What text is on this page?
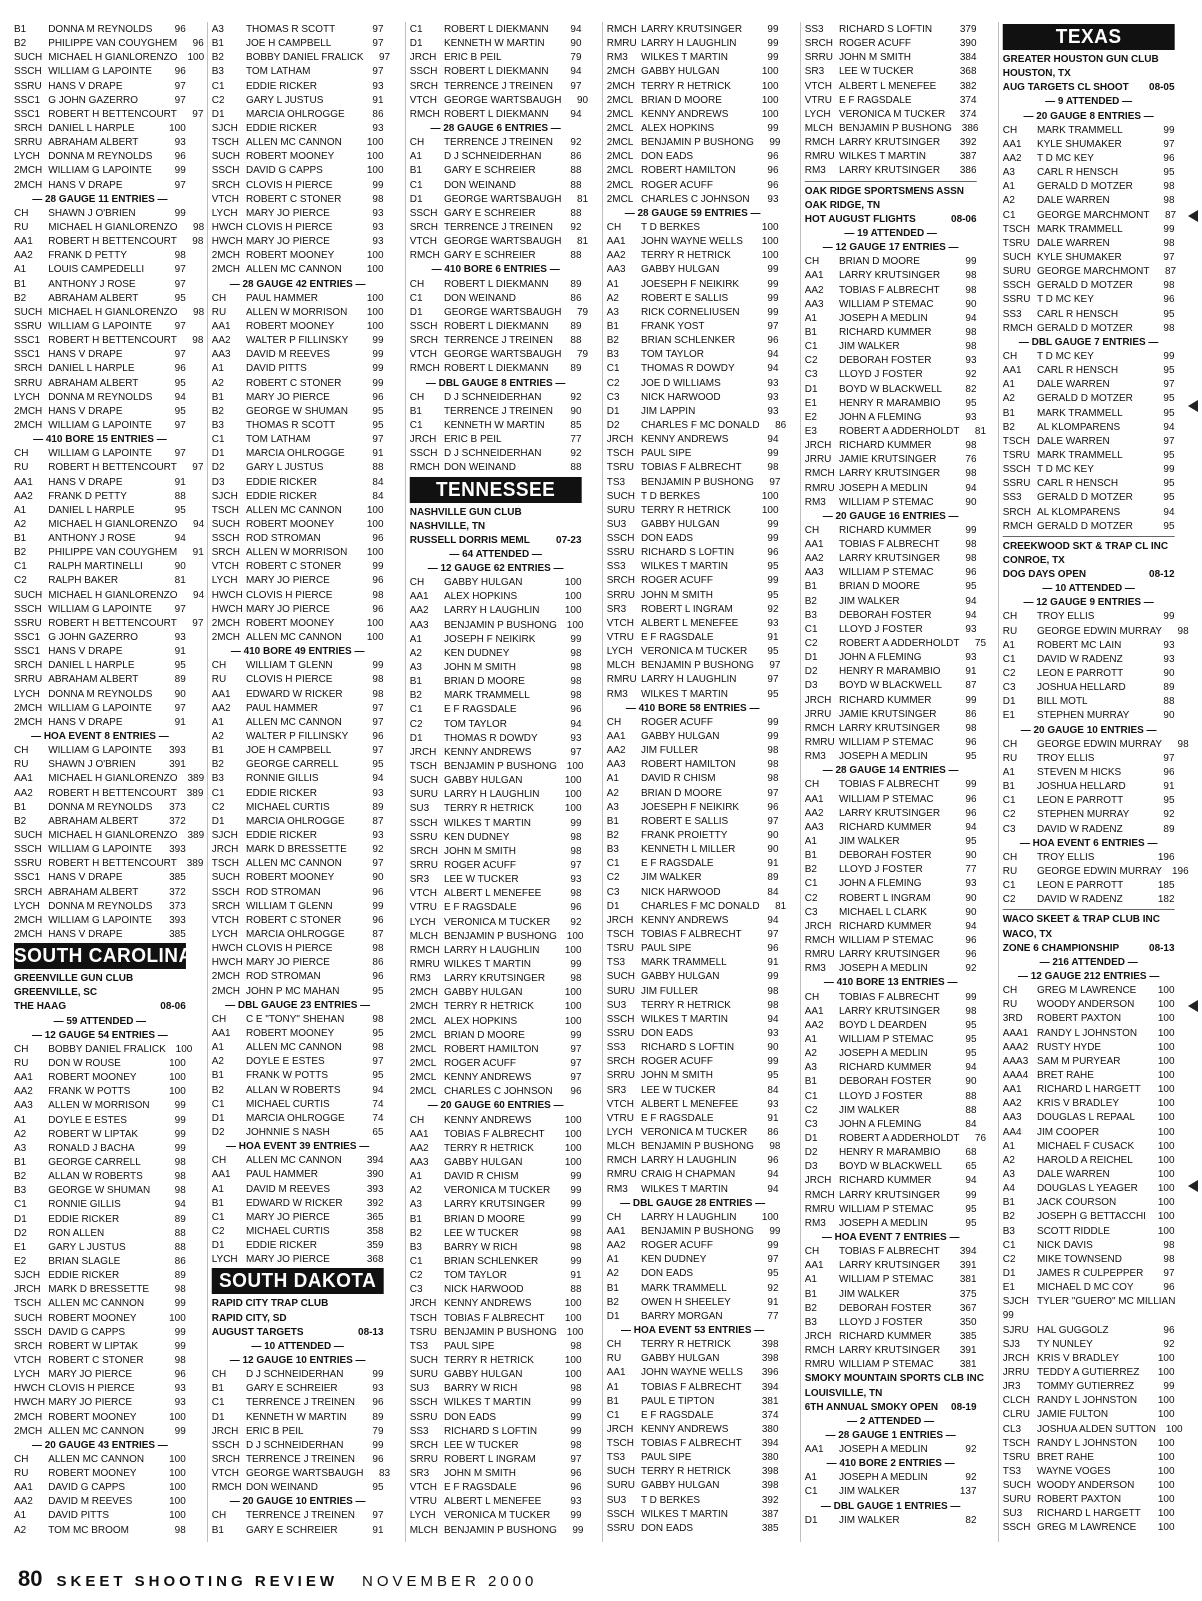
B1	DONNA M REYNOLDS	96
B2	PHILIPPE VAN COUYGHEM	96
SUCH MICHAEL H GIANLORENZO 100
SSCH WILLIAM G LAPOINTE	96
SSRU HANS V DRAPE	97
SSC1 G JOHN GAZERRO	97
SSC1 ROBERT H BETTENCOURT	97
SRCH DANIEL L HARPLE	100
SRRU ABRAHAM ALBERT	93
LYCH DONNA M REYNOLDS	96
2MCH WILLIAM G LAPOINTE	99
2MCH HANS V DRAPE	97
— 28 GAUGE 11 ENTRIES —
CH	SHAWN J O'BRIEN	99
RU	MICHAEL H GIANLORENZO	98
AA1	ROBERT H BETTENCOURT	98
AA2	FRANK D PETTY	98
A1	LOUIS CAMPEDELLI	97
B1	ANTHONY J ROSE	97
B2	ABRAHAM ALBERT	95
SUCH MICHAEL H GIANLORENZO	98
SSRU WILLIAM G LAPOINTE	97
SSC1 ROBERT H BETTENCOURT	98
SSC1 HANS V DRAPE	97
SRCH DANIEL L HARPLE	96
SRRU ABRAHAM ALBERT	95
LYCH DONNA M REYNOLDS	94
2MCH HANS V DRAPE	95
2MCH WILLIAM G LAPOINTE	97
— 410 BORE 15 ENTRIES —
CH	WILLIAM G LAPOINTE	97
RU	ROBERT H BETTENCOURT	97
AA1	HANS V DRAPE	91
AA2	FRANK D PETTY	88
A1	DANIEL L HARPLE	95
A2	MICHAEL H GIANLORENZO	94
B1	ANTHONY J ROSE	94
B2	PHILIPPE VAN COUYGHEM	91
C1	RALPH MARTINELLI	90
C2	RALPH BAKER	81
SUCH MICHAEL H GIANLORENZO	94
SSCH WILLIAM G LAPOINTE	97
SSRU ROBERT H BETTENCOURT	97
SSC1 G JOHN GAZERRO	93
SSC1 HANS V DRAPE	91
SRCH DANIEL L HARPLE	95
SRRU ABRAHAM ALBERT	89
LYCH DONNA M REYNOLDS	90
2MCH WILLIAM G LAPOINTE	97
2MCH HANS V DRAPE	91
— HOA EVENT 8 ENTRIES —
CH	WILLIAM G LAPOINTE	393
RU	SHAWN J O'BRIEN	391
AA1	MICHAEL H GIANLORENZO 389
AA2	ROBERT H BETTENCOURT 389
B1	DONNA M REYNOLDS	373
B2	ABRAHAM ALBERT	372
SUCH MICHAEL H GIANLORENZO 389
SSCH WILLIAM G LAPOINTE	393
SSRU ROBERT H BETTENCOURT 389
SSC1 HANS V DRAPE	385
SRCH ABRAHAM ALBERT	372
LYCH DONNA M REYNOLDS	373
2MCH WILLIAM G LAPOINTE	393
2MCH HANS V DRAPE	385
SOUTH CAROLINA
GREENVILLE GUN CLUB
GREENVILLE, SC
THE HAAG	08-06
— 59 ATTENDED —
— 12 GAUGE 54 ENTRIES —
CH	BOBBY DANIEL FRALICK 100
RU	DON W ROUSE	100
AA1	ROBERT MOONEY	100
AA2	FRANK W POTTS	100
AA3	ALLEN W MORRISON	99
A1	DOYLE E ESTES	99
A2	ROBERT W LIPTAK	99
A3	RONALD J BACHA	99
B1	GEORGE CARRELL	98
B2	ALLAN W ROBERTS	98
B3	GEORGE W SHUMAN	98
C1	RONNIE GILLIS	94
D1	EDDIE RICKER	89
D2	RON ALLEN	88
E1	GARY L JUSTUS	88
E2	BRIAN SLAGLE	86
SJCH EDDIE RICKER	89
JRCH MARK D BRESSETTE	98
TSCH ALLEN MC CANNON	99
SUCH ROBERT MOONEY	100
SSCH DAVID G CAPPS	99
SRCH ROBERT W LIPTAK	99
VTCH ROBERT C STONER	98
LYCH MARY JO PIERCE	96
HWCH CLOVIS H PIERCE	93
HWCH MARY JO PIERCE	93
2MCH ROBERT MOONEY	100
2MCH ALLEN MC CANNON	99
— 20 GAUGE 43 ENTRIES —
CH	ALLEN MC CANNON	100
RU	ROBERT MOONEY	100
AA1	DAVID G CAPPS	100
AA2	DAVID M REEVES	100
A1	DAVID PITTS	100
A2	TOM MC BROOM	98
A3	THOMAS R SCOTT	97
B1	JOE H CAMPBELL	97
B2	BOBBY DANIEL FRALICK	97
B3	TOM LATHAM	97
C1	EDDIE RICKER	93
C2	GARY L JUSTUS	91
D1	MARCIA OHLROGGE	86
SJCH EDDIE RICKER	93
TSCH ALLEN MC CANNON	100
SUCH ROBERT MOONEY	100
SSCH DAVID G CAPPS	100
SRCH CLOVIS H PIERCE	99
VTCH ROBERT C STONER	98
LYCH MARY JO PIERCE	93
HWCH CLOVIS H PIERCE	93
HWCH MARY JO PIERCE	93
2MCH ROBERT MOONEY	100
2MCH ALLEN MC CANNON	100
— 28 GAUGE 42 ENTRIES —
CH	PAUL HAMMER	100
RU	ALLEN W MORRISON	100
AA1	ROBERT MOONEY	100
AA2	WALTER P FILLINSKY	99
AA3	DAVID M REEVES	99
A1	DAVID PITTS	99
A2	ROBERT C STONER	99
B1	MARY JO PIERCE	96
B2	GEORGE W SHUMAN	95
B3	THOMAS R SCOTT	95
C1	TOM LATHAM	97
D1	MARCIA OHLROGGE	91
D2	GARY L JUSTUS	88
D3	EDDIE RICKER	84
SJCH EDDIE RICKER	84
TSCH ALLEN MC CANNON	100
SUCH ROBERT MOONEY	100
SSCH ROD STROMAN	96
SRCH ALLEN W MORRISON	100
VTCH ROBERT C STONER	99
LYCH MARY JO PIERCE	96
HWCH CLOVIS H PIERCE	98
HWCH MARY JO PIERCE	96
2MCH ROBERT MOONEY	100
2MCH ALLEN MC CANNON	100
— 410 BORE 49 ENTRIES —
CH	WILLIAM T GLENN	99
RU	CLOVIS H PIERCE	98
AA1	EDWARD W RICKER	98
AA2	PAUL HAMMER	97
A1	ALLEN MC CANNON	97
A2	WALTER P FILLINSKY	96
B1	JOE H CAMPBELL	97
B2	GEORGE CARRELL	95
B3	RONNIE GILLIS	94
C1	EDDIE RICKER	93
C2	MICHAEL CURTIS	89
D1	MARCIA OHLROGGE	87
SJCH EDDIE RICKER	93
JRCH MARK D BRESSETTE	92
TSCH ALLEN MC CANNON	97
SUCH ROBERT MOONEY	90
SSCH ROD STROMAN	96
SRCH WILLIAM T GLENN	99
VTCH ROBERT C STONER	96
LYCH MARCIA OHLROGGE	87
HWCH CLOVIS H PIERCE	98
HWCH MARY JO PIERCE	86
2MCH ROD STROMAN	96
2MCH JOHN P MC MAHAN	95
— DBL GAUGE 23 ENTRIES —
CH	C E "TONY" SHEHAN	98
AA1	ROBERT MOONEY	95
A1	ALLEN MC CANNON	98
A2	DOYLE E ESTES	97
B1	FRANK W POTTS	95
B2	ALLAN W ROBERTS	94
C1	MICHAEL CURTIS	74
D1	MARCIA OHLROGGE	74
D2	JOHNNIE S NASH	65
— HOA EVENT 39 ENTRIES —
CH	ALLEN MC CANNON	394
AA1	PAUL HAMMER	390
A1	DAVID M REEVES	393
B1	EDWARD W RICKER	392
C1	MARY JO PIERCE	365
C2	MICHAEL CURTIS	358
D1	EDDIE RICKER	359
LYCH MARY JO PIERCE	368
SOUTH DAKOTA
RAPID CITY TRAP CLUB
RAPID CITY, SD
AUGUST TARGETS	08-13
— 10 ATTENDED —
— 12 GAUGE 10 ENTRIES —
CH	D J SCHNEIDERHAN	99
B1	GARY E SCHREIER	93
C1	TERRENCE J TREINEN	96
D1	KENNETH W MARTIN	89
JRCH ERIC B PEIL	79
SSCH D J SCHNEIDERHAN	99
SRCH TERRENCE J TREINEN	96
VTCH GEORGE WARTSBAUGH	83
RMCH DON WEINAND	95
— 20 GAUGE 10 ENTRIES —
CH	TERRENCE J TREINEN	97
B1	GARY E SCHREIER	91
C1	ROBERT L DIEKMANN	94
D1	KENNETH W MARTIN	90
JRCH ERIC B PEIL	79
SSCH ROBERT L DIEKMANN	94
SRCH TERRENCE J TREINEN	97
VTCH GEORGE WARTSBAUGH	90
RMCH ROBERT L DIEKMANN	94
— 28 GAUGE 6 ENTRIES —
CH	TERRENCE J TREINEN	92
A1	D J SCHNEIDERHAN	86
B1	GARY E SCHREIER	88
C1	DON WEINAND	88
D1	GEORGE WARTSBAUGH	81
SSCH GARY E SCHREIER	88
SRCH TERRENCE J TREINEN	92
VTCH GEORGE WARTSBAUGH	81
RMCH GARY E SCHREIER	88
— 410 BORE 6 ENTRIES —
CH	ROBERT L DIEKMANN	89
C1	DON WEINAND	86
D1	GEORGE WARTSBAUGH	79
SSCH ROBERT L DIEKMANN	89
SRCH TERRENCE J TREINEN	88
VTCH GEORGE WARTSBAUGH	79
RMCH ROBERT L DIEKMANN	89
— DBL GAUGE 8 ENTRIES —
CH	D J SCHNEIDERHAN	92
B1	TERRENCE J TREINEN	90
C1	KENNETH W MARTIN	85
JRCH ERIC B PEIL	77
SSCH D J SCHNEIDERHAN	92
RMCH DON WEINAND	88
TENNESSEE
NASHVILLE GUN CLUB
NASHVILLE, TN
RUSSELL DORRIS MEML 07-23
— 64 ATTENDED —
— 12 GAUGE 62 ENTRIES —
CH	GABBY HULGAN	100
AA1	ALEX HOPKINS	100
AA2	LARRY H LAUGHLIN	100
AA3	BENJAMIN P BUSHONG 100
A1	JOSEPH F NEIKIRK	99
A2	KEN DUDNEY	98
A3	JOHN M SMITH	98
B1	BRIAN D MOORE	98
B2	MARK TRAMMELL	98
C1	E F RAGSDALE	96
C2	TOM TAYLOR	94
D1	THOMAS R DOWDY	93
JRCH KENNY ANDREWS	97
TSCH BENJAMIN P BUSHONG 100
SUCH GABBY HULGAN	100
SURU LARRY H LAUGHLIN	100
SU3	TERRY R HETRICK	100
SSCH WILKES T MARTIN	99
SSRU KEN DUDNEY	98
SRCH JOHN M SMITH	98
SRRU ROGER ACUFF	97
SR3	LEE W TUCKER	93
VTCH ALBERT L MENEFEE	98
VTRU E F RAGSDALE	96
LYCH VERONICA M TUCKER	92
MLCH BENJAMIN P BUSHONG 100
RMCH LARRY H LAUGHLIN	100
RMRU WILKES T MARTIN	99
RM3	LARRY KRUTSINGER	98
2MCH GABBY HULGAN	100
2MCH TERRY R HETRICK	100
2MCL ALEX HOPKINS	100
2MCL BRIAN D MOORE	99
2MCL ROBERT HAMILTON	97
2MCL ROGER ACUFF	97
2MCL KENNY ANDREWS	97
2MCL CHARLES C JOHNSON	96
— 20 GAUGE 60 ENTRIES —
CH	KENNY ANDREWS	100
AA1	TOBIAS F ALBRECHT	100
AA2	TERRY R HETRICK	100
AA3	GABBY HULGAN	100
A1	DAVID R CHISM	99
A2	VERONICA M TUCKER	99
A3	LARRY KRUTSINGER	99
B1	BRIAN D MOORE	99
B2	LEE W TUCKER	98
B3	BARRY W RICH	98
C1	BRIAN SCHLENKER	99
C2	TOM TAYLOR	91
C3	NICK HARWOOD	88
JRCH KENNY ANDREWS	100
TSCH TOBIAS F ALBRECHT	100
TSRU BENJAMIN P BUSHONG 100
TS3	PAUL SIPE	98
SUCH TERRY R HETRICK	100
SURU GABBY HULGAN	100
SU3	BARRY W RICH	98
SSCH WILKES T MARTIN	99
SSRU DON EADS	99
SS3	RICHARD S LOFTIN	99
SRCH LEE W TUCKER	98
SRRU ROBERT L INGRAM	97
SR3	JOHN M SMITH	96
VTCH E F RAGSDALE	96
VTRU ALBERT L MENEFEE	93
LYCH VERONICA M TUCKER	99
MLCH BENJAMIN P BUSHONG	99
RMCH LARRY KRUTSINGER	99
RMRU LARRY H LAUGHLIN	99
RM3	WILKES T MARTIN	99
2MCH GABBY HULGAN	100
2MCH TERRY R HETRICK	100
2MCL BRIAN D MOORE	100
2MCL KENNY ANDREWS	100
2MCL ALEX HOPKINS	99
2MCL BENJAMIN P BUSHONG	99
2MCL DON EADS	96
2MCL ROBERT HAMILTON	96
2MCL ROGER ACUFF	96
2MCL CHARLES C JOHNSON	93
— 28 GAUGE 59 ENTRIES —
CH	T D BERKES	100
AA1	JOHN WAYNE WELLS	100
AA2	TERRY R HETRICK	100
AA3	GABBY HULGAN	99
A1	JOESEPH F NEIKIRK	99
A2	ROBERT E SALLIS	99
A3	RICK CORNELIUSEN	99
B1	FRANK YOST	97
B2	BRIAN SCHLENKER	96
B3	TOM TAYLOR	94
C1	THOMAS R DOWDY	94
C2	JOE D WILLIAMS	93
C3	NICK HARWOOD	93
D1	JIM LAPPIN	93
D2	CHARLES F MC DONALD	86
JRCH KENNY ANDREWS	94
TSCH PAUL SIPE	99
TSRU TOBIAS F ALBRECHT	98
TS3	BENJAMIN P BUSHONG	97
SUCH T D BERKES	100
SURU TERRY R HETRICK	100
SU3	GABBY HULGAN	99
SSCH DON EADS	99
SSRU RICHARD S LOFTIN	96
SS3	WILKES T MARTIN	95
SRCH ROGER ACUFF	99
SRRU JOHN M SMITH	95
SR3	ROBERT L INGRAM	92
VTCH ALBERT L MENEFEE	93
VTRU E F RAGSDALE	91
LYCH VERONICA M TUCKER	95
MLCH BENJAMIN P BUSHONG	97
RMRU LARRY H LAUGHLIN	97
RM3	WILKES T MARTIN	95
— 410 BORE 58 ENTRIES —
CH	ROGER ACUFF	99
AA1	GABBY HULGAN	99
AA2	JIM FULLER	98
AA3	ROBERT HAMILTON	98
A1	DAVID R CHISM	98
A2	BRIAN D MOORE	97
A3	JOESEPH F NEIKIRK	96
B1	ROBERT E SALLIS	97
B2	FRANK PROIETTY	90
B3	KENNETH L MILLER	90
C1	E F RAGSDALE	91
C2	JIM WALKER	89
C3	NICK HARWOOD	84
D1	CHARLES F MC DONALD	81
JRCH KENNY ANDREWS	94
TSCH TOBIAS F ALBRECHT	97
TSRU PAUL SIPE	96
TS3	MARK TRAMMELL	91
SUCH GABBY HULGAN	99
SURU JIM FULLER	98
SU3	TERRY R HETRICK	98
SSCH WILKES T MARTIN	94
SSRU DON EADS	93
SS3	RICHARD S LOFTIN	90
SRCH ROGER ACUFF	99
SRRU JOHN M SMITH	95
SR3	LEE W TUCKER	84
VTCH ALBERT L MENEFEE	93
VTRU E F RAGSDALE	91
LYCH VERONICA M TUCKER	86
MLCH BENJAMIN P BUSHONG	98
RMCH LARRY H LAUGHLIN	96
RMRU CRAIG H CHAPMAN	94
RM3	WILKES T MARTIN	94
— DBL GAUGE 28 ENTRIES —
CH	LARRY H LAUGHLIN	100
AA1	BENJAMIN P BUSHONG	99
AA2	ROGER ACUFF	99
A1	KEN DUDNEY	97
A2	DON EADS	95
B1	MARK TRAMMELL	92
B2	OWEN H SHEELEY	91
D1	BARRY MORGAN	77
— HOA EVENT 53 ENTRIES —
CH	TERRY R HETRICK	398
RU	GABBY HULGAN	398
AA1	JOHN WAYNE WELLS	396
A1	TOBIAS F ALBRECHT	394
B1	PAUL E TIPTON	381
C1	E F RAGSDALE	374
JRCH KENNY ANDREWS	380
TSCH TOBIAS F ALBRECHT	394
TS3	PAUL SIPE	380
SUCH TERRY R HETRICK	398
SURU GABBY HULGAN	398
SU3	T D BERKES	392
SSCH WILKES T MARTIN	387
SSRU DON EADS	385
SS3	RICHARD S LOFTIN	379
SRCH ROGER ACUFF	390
SRRU JOHN M SMITH	384
SR3	LEE W TUCKER	368
VTCH ALBERT L MENEFEE	382
VTRU E F RAGSDALE	374
LYCH VERONICA M TUCKER	374
MLCH BENJAMIN P BUSHONG 386
RMCH LARRY KRUTSINGER	392
RMRU WILKES T MARTIN	387
RM3	LARRY KRUTSINGER	386
OAK RIDGE SPORTSMENS ASSN
OAK RIDGE, TN
HOT AUGUST FLIGHTS	08-06
— 19 ATTENDED —
— 12 GAUGE 17 ENTRIES —
CH	BRIAN D MOORE	99
AA1	LARRY KRUTSINGER	98
AA2	TOBIAS F ALBRECHT	98
AA3	WILLIAM P STEMAC	90
A1	JOSEPH A MEDLIN	94
B1	RICHARD KUMMER	98
C1	JIM WALKER	98
C2	DEBORAH FOSTER	93
C3	LLOYD J FOSTER	92
D1	BOYD W BLACKWELL	82
E1	HENRY R MARAMBIO	95
E2	JOHN A FLEMING	93
E3	ROBERT A ADDERHOLDT	81
JRCH RICHARD KUMMER	98
JRRU JAMIE KRUTSINGER	76
RMCH LARRY KRUTSINGER	98
RMRU JOSEPH A MEDLIN	94
RM3	WILLIAM P STEMAC	90
— 20 GAUGE 16 ENTRIES —
CH	RICHARD KUMMER	99
AA1	TOBIAS F ALBRECHT	98
AA2	LARRY KRUTSINGER	98
AA3	WILLIAM P STEMAC	96
B1	BRIAN D MOORE	95
B2	JIM WALKER	94
B3	DEBORAH FOSTER	94
C1	LLOYD J FOSTER	93
C2	ROBERT A ADDERHOLDT	75
D1	JOHN A FLEMING	93
D2	HENRY R MARAMBIO	91
D3	BOYD W BLACKWELL	87
JRCH RICHARD KUMMER	99
JRRU JAMIE KRUTSINGER	86
RMCH LARRY KRUTSINGER	98
RMRU WILLIAM P STEMAC	96
RM3	JOSEPH A MEDLIN	95
— 28 GAUGE 14 ENTRIES —
CH	TOBIAS F ALBRECHT	99
AA1	WILLIAM P STEMAC	96
AA2	LARRY KRUTSINGER	96
AA3	RICHARD KUMMER	94
A1	JIM WALKER	95
B1	DEBORAH FOSTER	90
B2	LLOYD J FOSTER	77
C1	JOHN A FLEMING	93
C2	ROBERT L INGRAM	90
C3	MICHAEL L CLARK	90
JRCH RICHARD KUMMER	94
RMCH WILLIAM P STEMAC	96
RMRU LARRY KRUTSINGER	96
RM3	JOSEPH A MEDLIN	92
— 410 BORE 13 ENTRIES —
CH	TOBIAS F ALBRECHT	99
AA1	LARRY KRUTSINGER	98
AA2	BOYD L DEARDEN	95
A1	WILLIAM P STEMAC	95
A2	JOSEPH A MEDLIN	95
A3	RICHARD KUMMER	94
B1	DEBORAH FOSTER	90
C1	LLOYD J FOSTER	88
C2	JIM WALKER	88
C3	JOHN A FLEMING	84
D1	ROBERT A ADDERHOLDT	76
D2	HENRY R MARAMBIO	68
D3	BOYD W BLACKWELL	65
JRCH RICHARD KUMMER	94
RMCH LARRY KRUTSINGER	99
RMRU WILLIAM P STEMAC	95
RM3	JOSEPH A MEDLIN	95
— HOA EVENT 7 ENTRIES —
CH	TOBIAS F ALBRECHT	394
AA1	LARRY KRUTSINGER	391
A1	WILLIAM P STEMAC	381
B1	JIM WALKER	375
B2	DEBORAH FOSTER	367
B3	LLOYD J FOSTER	350
JRCH RICHARD KUMMER	385
RMCH LARRY KRUTSINGER	391
RMRU WILLIAM P STEMAC	381
SMOKY MOUNTAIN SPORTS CLB INC
LOUISVILLE, TN
6TH ANNUAL SMOKY OPEN 08-19
— 2 ATTENDED —
— 28 GAUGE 1 ENTRIES —
AA1	JOSEPH A MEDLIN	92
— 410 BORE 2 ENTRIES —
A1	JOSEPH A MEDLIN	92
C1	JIM WALKER	137
— DBL GAUGE 1 ENTRIES —
D1	JIM WALKER	82
TEXAS
GREATER HOUSTON GUN CLUB
HOUSTON, TX
AUG TARGETS CL SHOOT 08-05
— 9 ATTENDED —
— 20 GAUGE 8 ENTRIES —
CH	MARK TRAMMELL	99
AA1	KYLE SHUMAKER	97
AA2	T D MC KEY	96
A3	CARL R HENSCH	95
A1	GERALD D MOTZER	98
A2	DALE WARREN	98
C1	GEORGE MARCHMONT	87
TSCH MARK TRAMMELL	99
TSRU DALE WARREN	98
SUCH KYLE SHUMAKER	97
SURU GEORGE MARCHMONT	87
SSCH GERALD D MOTZER	98
SSRU T D MC KEY	96
SS3	CARL R HENSCH	95
RMCH GERALD D MOTZER	98
— DBL GAUGE 7 ENTRIES —
CH	T D MC KEY	99
AA1	CARL R HENSCH	95
A1	DALE WARREN	97
A2	GERALD D MOTZER	95
B1	MARK TRAMMELL	95
B2	AL KLOMPARENS	94
TSCH DALE WARREN	97
TSRU MARK TRAMMELL	95
SSCH T D MC KEY	99
SSRU CARL R HENSCH	95
SS3	GERALD D MOTZER	95
SRCH AL KLOMPARENS	94
RMCH GERALD D MOTZER	95
CREEKWOOD SKT & TRAP CL INC
CONROE, TX
DOG DAYS OPEN	08-12
— 10 ATTENDED —
— 12 GAUGE 9 ENTRIES —
CH	TROY ELLIS	99
RU	GEORGE EDWIN MURRAY	98
A1	ROBERT MC LAIN	93
C1	DAVID W RADENZ	93
C2	LEON E PARROTT	90
C3	JOSHUA HELLARD	89
D1	BILL MOTL	88
E1	STEPHEN MURRAY	90
— 20 GAUGE 10 ENTRIES —
CH	GEORGE EDWIN MURRAY	98
RU	TROY ELLIS	97
A1	STEVEN M HICKS	96
B1	JOSHUA HELLARD	91
C1	LEON E PARROTT	95
C2	STEPHEN MURRAY	92
C3	DAVID W RADENZ	89
— HOA EVENT 6 ENTRIES —
CH	TROY ELLIS	196
RU	GEORGE EDWIN MURRAY 196
C1	LEON E PARROTT	185
C2	DAVID W RADENZ	182
WACO SKEET & TRAP CLUB INC
WACO, TX
ZONE 6 CHAMPIONSHIP	08-13
— 216 ATTENDED —
— 12 GAUGE 212 ENTRIES —
CH	GREG M LAWRENCE	100
RU	WOODY ANDERSON	100
3RD	ROBERT PAXTON	100
AAA1 RANDY L JOHNSTON	100
AAA2 RUSTY HYDE	100
AAA3 SAM M PURYEAR	100
AAA4 BRET RAHE	100
AA1	RICHARD L HARGETT	100
AA2	KRIS V BRADLEY	100
AA3	DOUGLAS L REPAAL	100
AA4	JIM COOPER	100
A1	MICHAEL F CUSACK	100
A2	HAROLD A REICHEL	100
A3	DALE WARREN	100
A4	DOUGLAS L YEAGER	100
B1	JACK COURSON	100
B2	JOSEPH G BETTACCHI	100
B3	SCOTT RIDDLE	100
C1	NICK DAVIS	98
C2	MIKE TOWNSEND	98
D1	JAMES R CULPEPPER	97
E1	MICHAEL D MC COY	96
SJCH TYLER "GUERO" MC MILLIAN
99
SJRU HAL GUGGOLZ	96
SJ3	TY NUNLEY	92
JRCH KRIS V BRADLEY	100
JRRU TEDDY A GUTIERREZ	100
JR3	TOMMY GUTIERREZ	99
CLCH RANDY L JOHNSTON	100
CLRU JAMIE FULTON	100
CL3	JOSHUA ALDEN SUTTON 100
TSCH RANDY L JOHNSTON	100
TSRU BRET RAHE	100
TS3	WAYNE VOGES	100
SUCH WOODY ANDERSON	100
SURU ROBERT PAXTON	100
SU3	RICHARD L HARGETT	100
SSCH GREG M LAWRENCE	100
80 SKEET SHOOTING REVIEW NOVEMBER 2000
